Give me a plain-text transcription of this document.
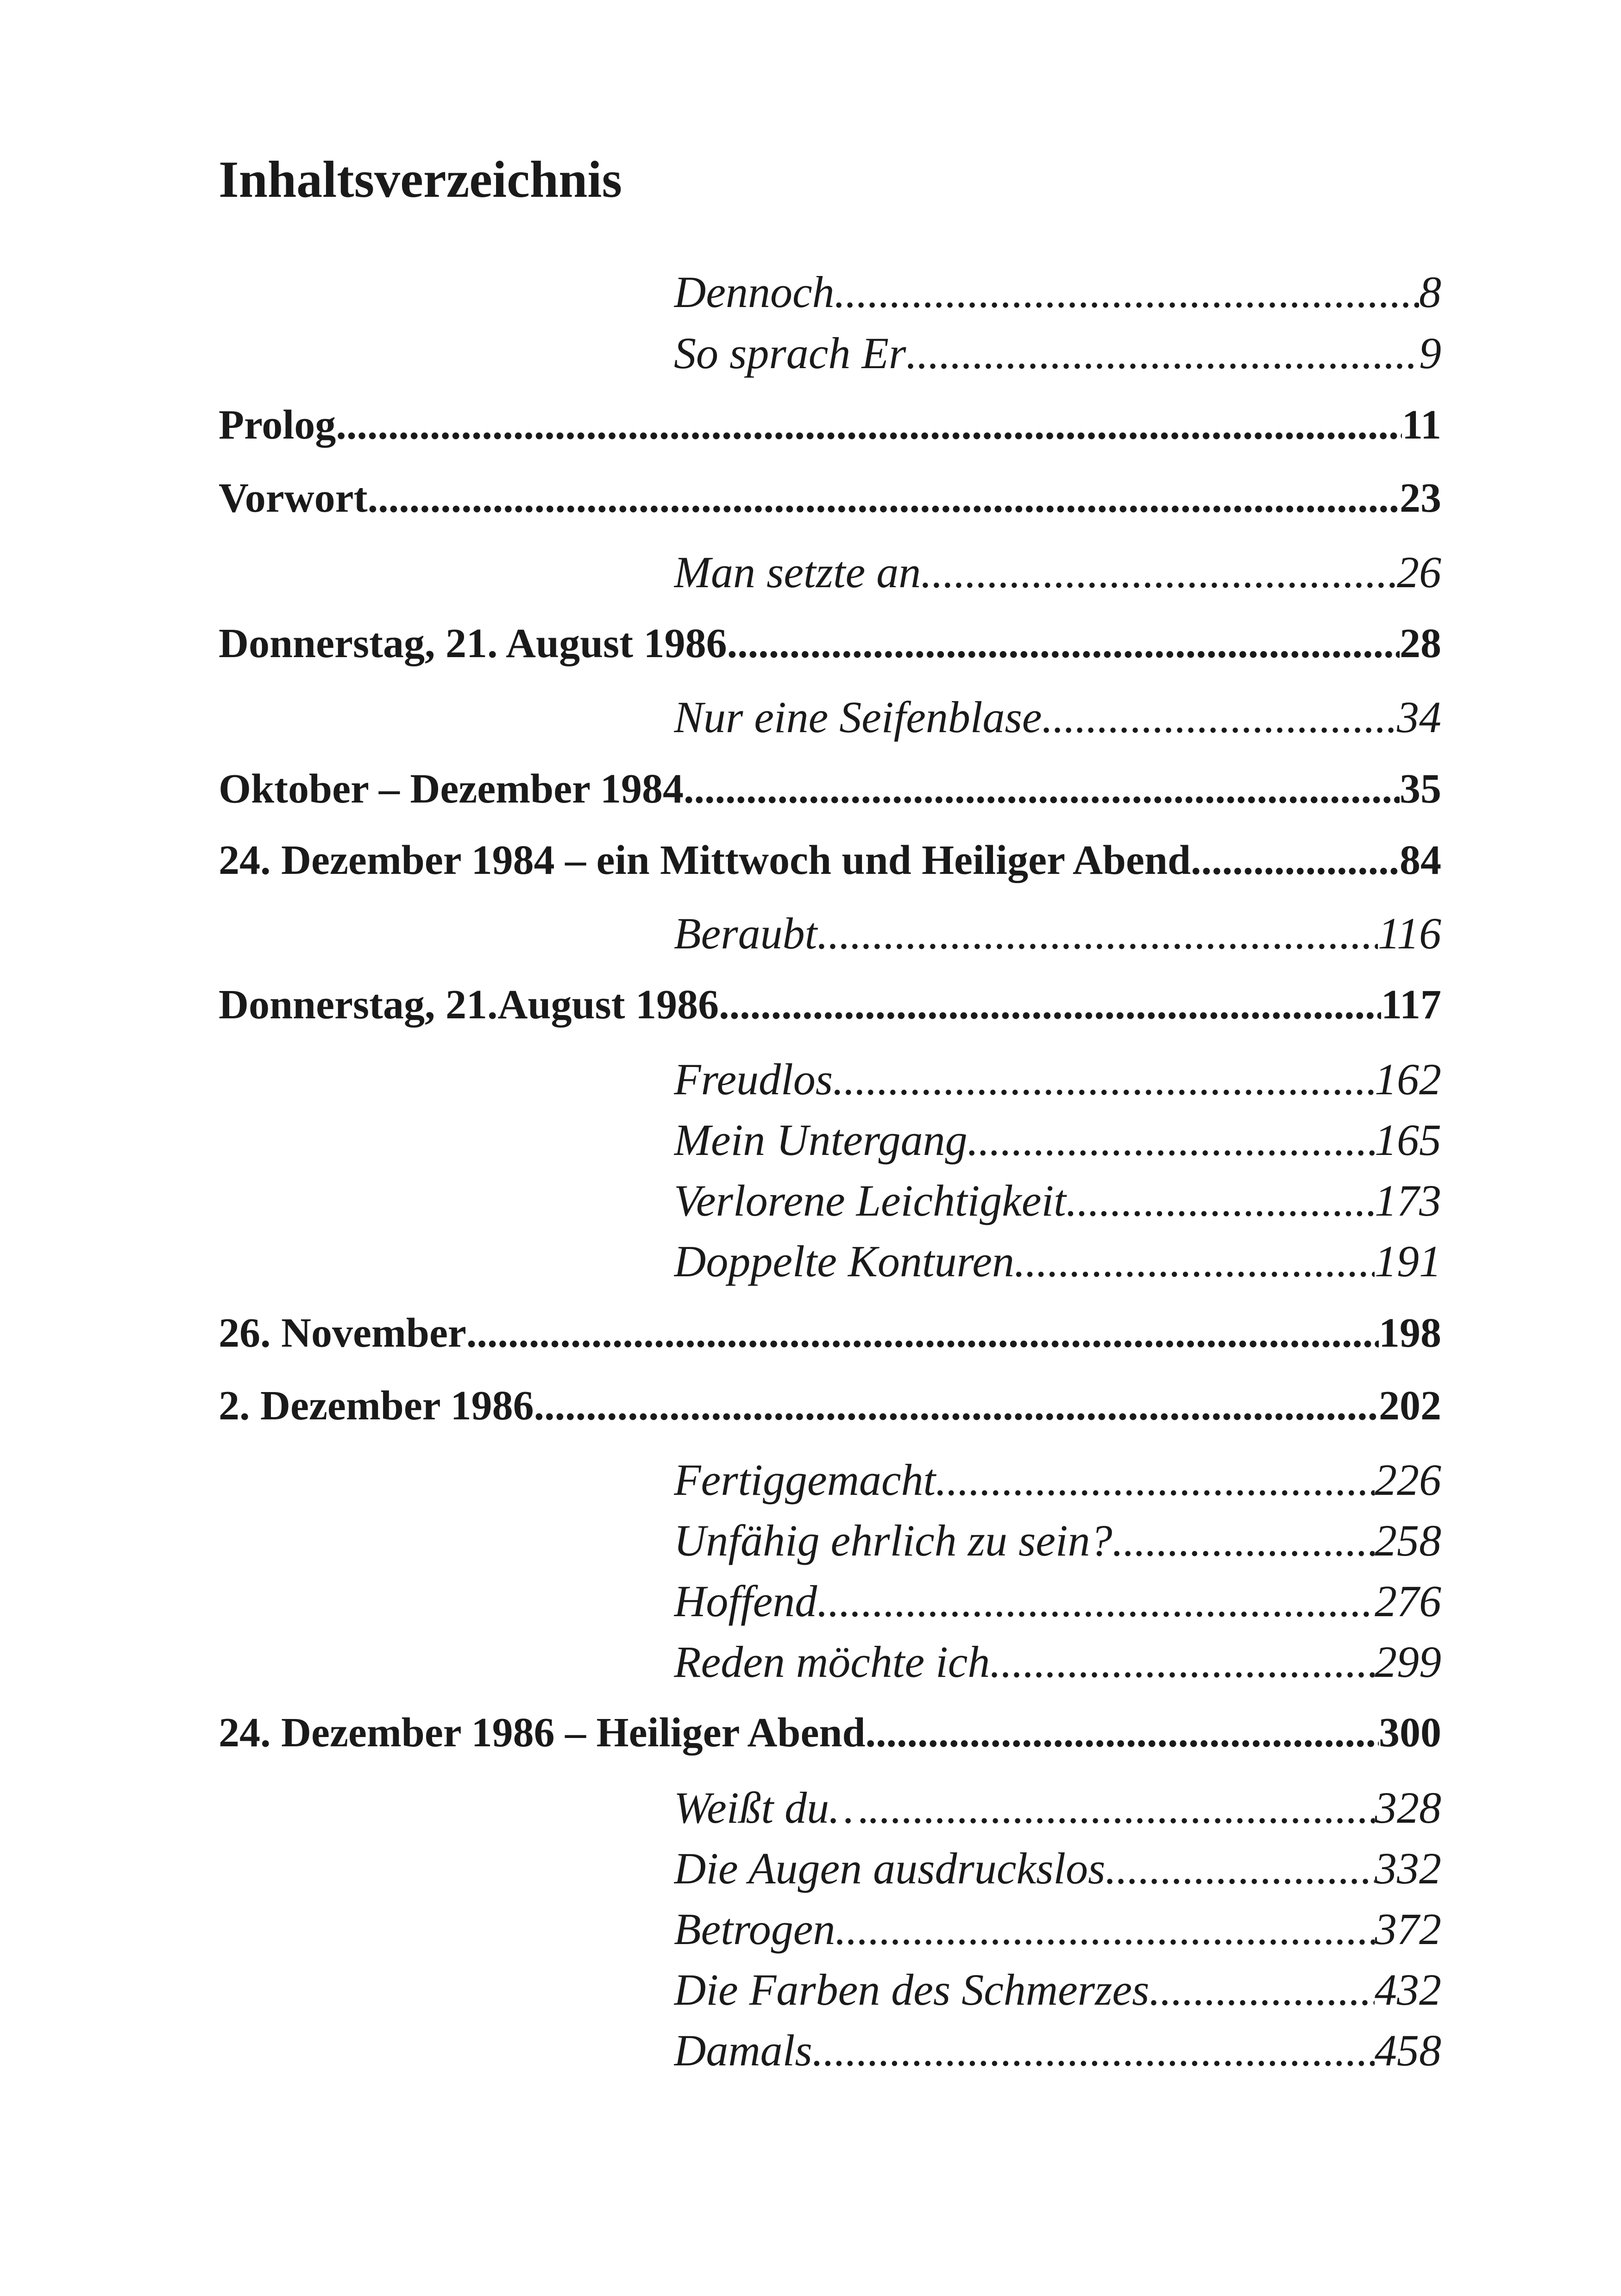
Inhaltsverzeichnis
Dennoch .....	8
So sprach Er .....	9
Prolog .....	11
Vorwort .....	23
Man setzte an .....	26
Donnerstag, 21. August 1986 .....	28
Nur eine Seifenblase .....	34
Oktober – Dezember 1984 .....	35
24. Dezember 1984 – ein Mittwoch und Heiliger Abend. .....	84
Beraubt .....	116
Donnerstag, 21.August 1986 .....	117
Freudlos .....	162
Mein Untergang .....	165
Verlorene Leichtigkeit .....	173
Doppelte Konturen .....	191
26. November .....	198
2. Dezember 1986 .....	202
Fertiggemacht .....	226
Unfähig ehrlich zu sein? .....	258
Hoffend .....	276
Reden möchte ich .....	299
24. Dezember 1986 – Heiliger Abend. .....	300
Weißt du… .....	328
Die Augen ausdruckslos .....	332
Betrogen .....	372
Die Farben des Schmerzes .....	432
Damals .....	458
